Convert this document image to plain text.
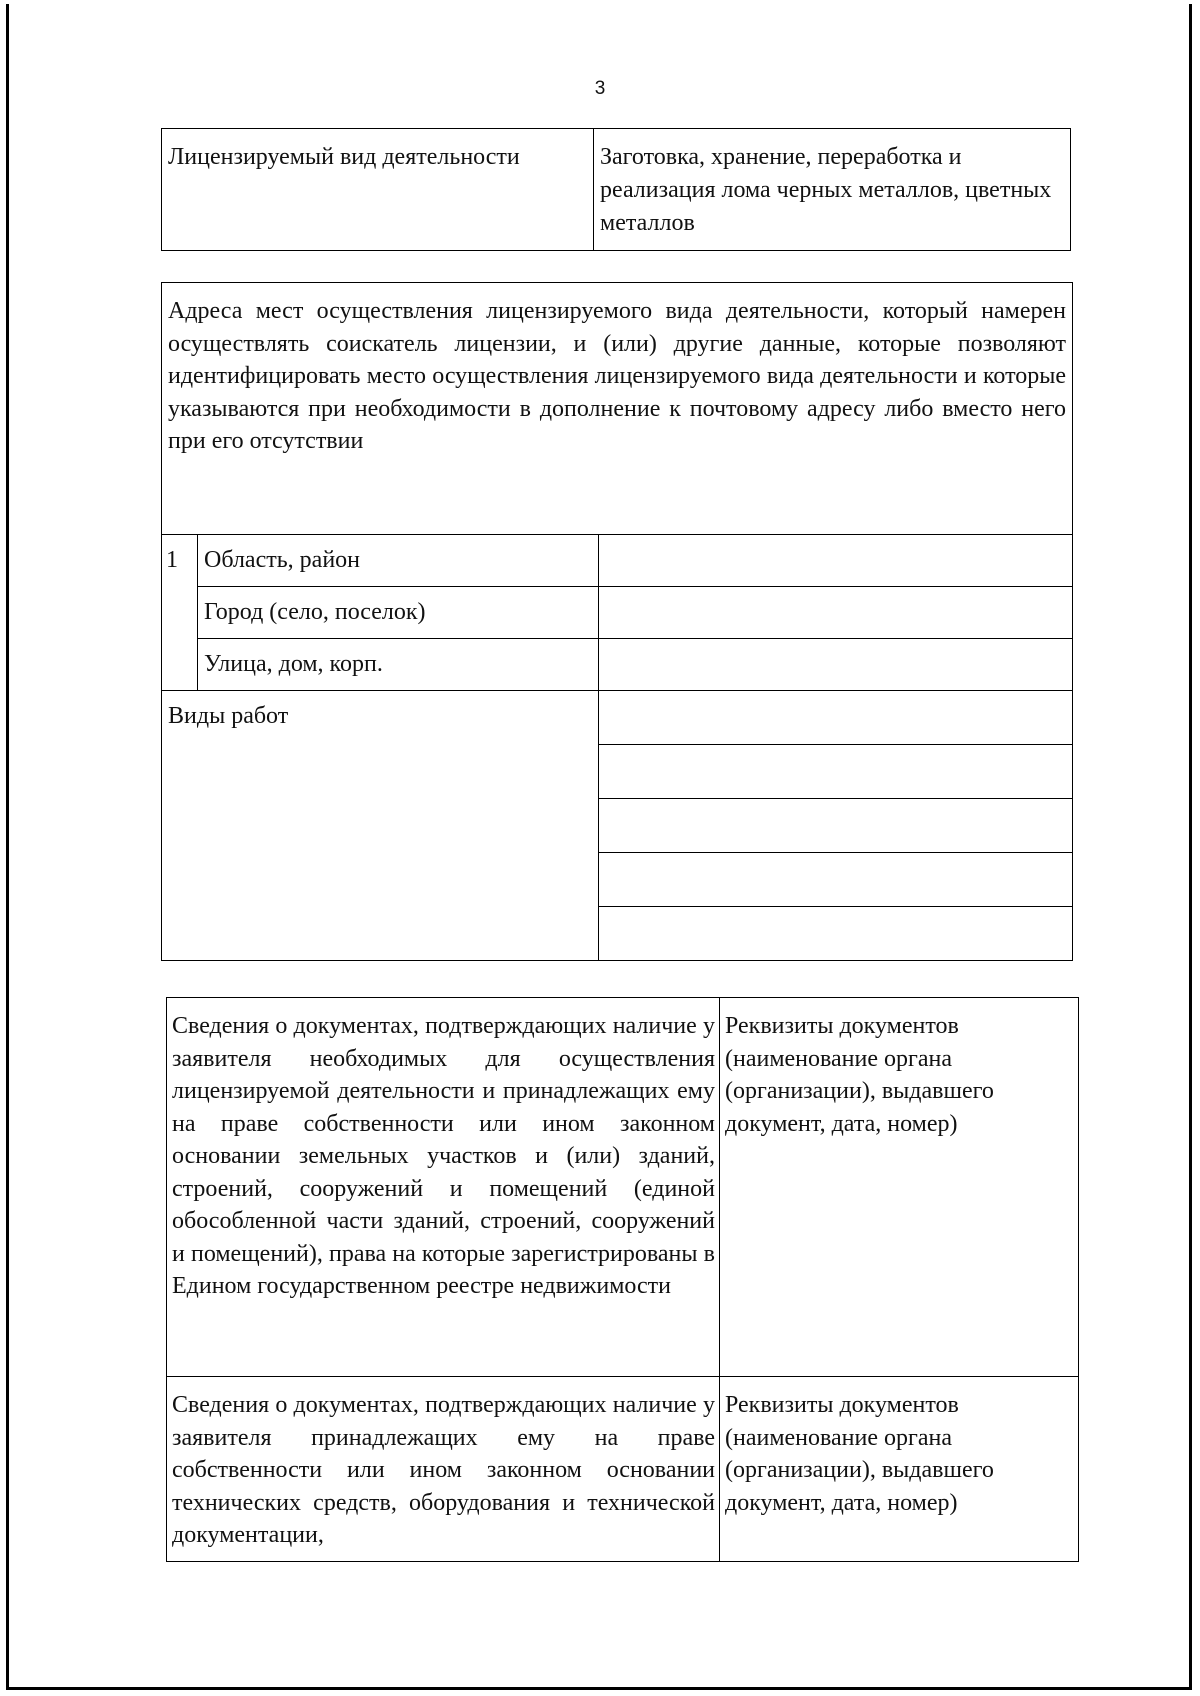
3
Лицензируемый вид деятельности	Заготовка, хранение, переработка и реализация лома черных металлов, цветных металлов
Адреса мест осуществления лицензируемого вида деятельности, который намерен осуществлять соискатель лицензии, и (или) другие данные, которые позволяют идентифицировать место осуществления лицензируемого вида деятельности и которые указываются при необходимости в дополнение к почтовому адресу либо вместо него при его отсутствии		
1	Область, район	
	Город (село, поселок)	
	Улица, дом, корп.	
Виды работ		

Сведения о документах, подтверждающих наличие у заявителя необходимых для осуществления лицензируемой деятельности и принадлежащих ему на праве собственности или ином законном основании земельных участков и (или) зданий, строений, сооружений и помещений (единой обособленной части зданий, строений, сооружений и помещений), права на которые зарегистрированы в Едином государственном реестре недвижимости	Реквизиты документов (наименование органа (организации), выдавшего документ, дата, номер)
Сведения о документах, подтверждающих наличие у заявителя принадлежащих ему на праве собственности или ином законном основании технических средств, оборудования и технической документации,	Реквизиты документов (наименование органа (организации), выдавшего документ, дата, номер)
